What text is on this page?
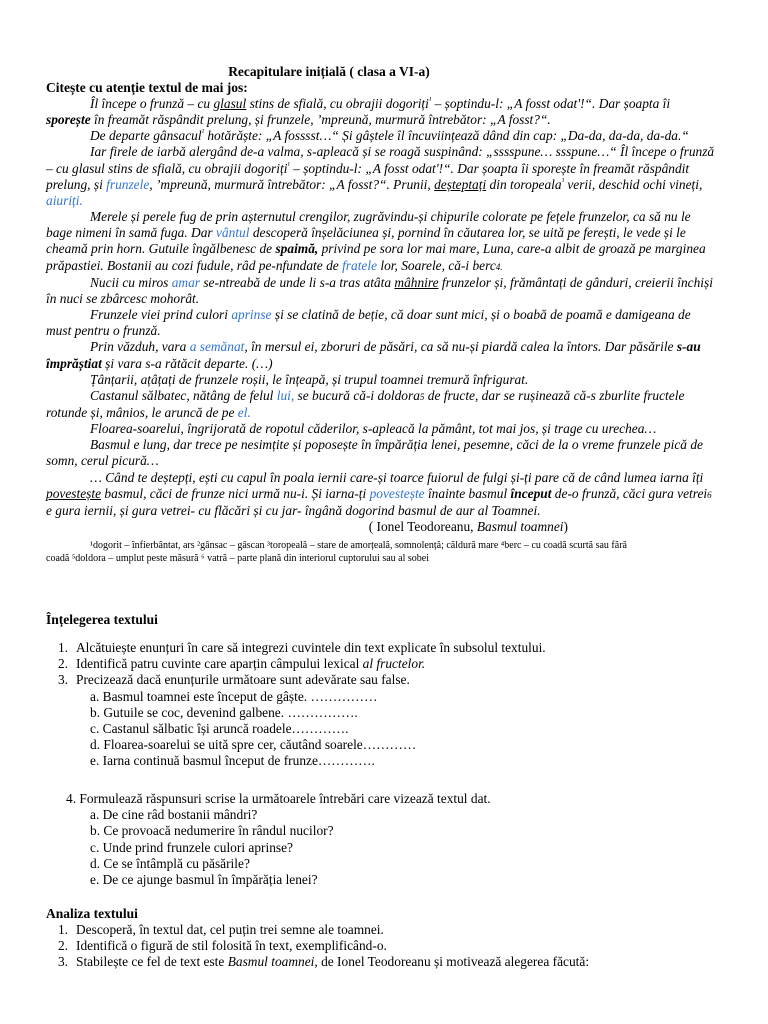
Recapitulare inițială ( clasa a VI-a)
Citește cu atenție textul de mai jos:

Îl începe o frunză – cu glasul stins de sfială, cu obrajii dogoriți$^{^1}$ – șoptindu-l: „A fosst odat'!“. Dar șoapta îi sporește în freamăt răspândit prelung, și frunzele, ’mpreună, murmură întrebător: „A fosst?“.

De departe gânsacul$^{^2}$ hotărăște: „A fosssst…“ Și gâștele îl încuviințează dând din cap: „Da-da, da-da, da-da.“

Iar firele de iarbă alergând de-a valma, s-apleacă și se roagă suspinând: „sssspune… ssspune…“ Îl începe o frunză – cu glasul stins de sfială, cu obrajii dogoriți$^{^1}$ – șoptindu-l: „A fosst odat'!“. Dar șoapta îi sporește în freamăt răspândit prelung, și frunzele, ’mpreună, murmură întrebător: „A fosst?“. Prunii, deșteptați din toropeala$^{^3}$ verii, deschid ochi vineți, aiuriți.

Merele și perele fug de prin așternutul crengilor, zugrăvindu-și chipurile colorate pe fețele frunzelor, ca să nu le bage nimeni în samă fuga. Dar vântul descoperă înșelăciunea și, pornind în căutarea lor, se uită pe ferești, le vede și le cheamă prin horn. Gutuile îngălbenesc de spaimă, privind pe sora lor mai mare, Luna, care-a albit de groază pe marginea prăpastiei. Bostanii au cozi fudule, râd pe-nfundate de fratele lor, Soarele, că-i berc4.

Nucii cu miros amar se-ntreabă de unde li s-a tras atâta mâhnire frunzelor și, frământați de gânduri, creierii închiși în nuci se zbârcesc mohorât.

Frunzele viei prind culori aprinse și se clatină de beție, că doar sunt mici, și o boabă de poamă e damigeana de must pentru o frunză.

Prin văzduh, vara a semănat, în mersul ei, zboruri de păsări, ca să nu-și piardă calea la întors. Dar păsările s-au împrăștiat și vara s-a rătăcit departe. (…)

Țânțarii, ațâțați de frunzele roșii, le înțeapă, și trupul toamnei tremură înfrigurat.

Castanul sălbatec, nătâng de felul lui, se bucură că-i doldora5 de fructe, dar se rușinează că-s zburlite fructele rotunde și, mânios, le aruncă de pe el.

Floarea-soarelui, îngrijorată de ropotul căderilor, s-apleacă la pământ, tot mai jos, și trage cu urechea…

Basmul e lung, dar trece pe nesimțite și poposește în împărăția lenei, pesemne, căci de la o vreme frunzele pică de somn, cerul picură…

… Când te deștepți, ești cu capul în poala iernii care-și toarce fuiorul de fulgi și-ți pare că de când lumea iarna îți povestește basmul, căci de frunze nici urmă nu-i. Și iarna-ți povestește înainte basmul început de-o frunză, căci gura vetrei6 e gura iernii, și gura vetrei- cu flăcări și cu jar- îngână dogorind basmul de aur al Toamnei.

( Ionel Teodoreanu, Basmul toamnei)

¹dogorit – înfierbântat, ars ²gânsac – gâscan ³toropeală – stare de amorțeală, somnolență; căldură mare ⁴berc – cu coadă scurtă sau fără

coadă ⁵doldora – umplut peste măsură ⁶ vatră – parte plană din interiorul cuptorului sau al sobei

Înțelegerea textului
1. Alcătuiește enunțuri în care să integrezi cuvintele din text explicate în subsolul textului.
2. Identifică patru cuvinte care aparțin câmpului lexical al fructelor.
3. Precizează dacă enunțurile următoare sunt adevărate sau false.
a. Basmul toamnei este început de gâște. ……………
b. Gutuile se coc, devenind galbene. …………….
c. Castanul sălbatic își aruncă roadele………….
d. Floarea-soarelui se uită spre cer, căutând soarele…………
e. Iarna continuă basmul început de frunze………….
4. Formulează răspunsuri scrise la următoarele întrebări care vizează textul dat.
a. De cine râd bostanii mândri?
b. Ce provoacă nedumerire în rândul nucilor?
c. Unde prind frunzele culori aprinse?
d. Ce se întâmplă cu păsările?
e. De ce ajunge basmul în împărăția lenei?
Analiza textului
1. Descoperă, în textul dat, cel puțin trei semne ale toamnei.
2. Identifică o figură de stil folosită în text, exemplificând-o.
3. Stabilește ce fel de text este Basmul toamnei, de Ionel Teodoreanu și motivează alegerea făcută:
